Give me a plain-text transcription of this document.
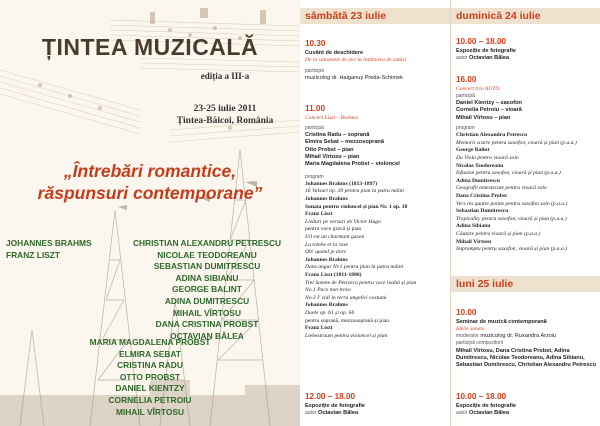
ȚINTEA MUZICALĂ
ediția a III-a
23-25 iulie 2011
Țintea-Băicoi, România
„Întrebări romantice,
răspunsuri contemporane”
JOHANNES BRAHMS
FRANZ LISZT
CHRISTIAN ALEXANDRU PETRESCU
NICOLAE TEODOREANU
SEBASTIAN DUMITRESCU
ADINA SIBIANU
GEORGE BALINT
ADINA DUMITRESCU
MIHAIL VÎRTOSU
DANA CRISTINA PROBST
OCTAVIAN BĂLEA
MARIA MAGDALENA PROBST
ELMIRA SEBAT
CRISTINA RADU
OTTO PROBST
DANIEL KIENTZY
CORNELIA PETROIU
MIHAIL VÎRTOSU
sâmbătă 23 iulie
10.30
Cuvânt de deschidere
De la saloanele de ieri la întâlnirea de astăzi
participă
muzicolog dr. Haiganuș Preda-Schimek
11.00
Concert Liszt – Brahms
participă
Cristina Radu – soprană
Elmira Sebat – mezzosoprană
Otto Probst – pian
Mihail Vîrtosu – pian
Maria Magdalena Probst – violoncel
program
Johannes Brahms (1813-1897)
16 Valsuri op. 39 pentru pian la patru mâini
Johannes Brahms
Sonata pentru violoncel și pian Nr. 1 op. 38
Franz Liszt
Lieduri pe versuri de Victor Hugo
pentru voce gravă și pian
S'il est un charmant gazon
La tombe et la rose
Oh! quand je dors
Johannes Brahms
Dans ungar Nr.1 pentru pian la patru mâini
Franz Liszt (1811-1886)
Trei Sonete de Petrarca pentru voce înaltă și pian
No.1 Pace non trovo
No.3 I' vidi in terra angelici costumi
Johannes Brahms
Duete op. 61 și op. 66
pentru soprană, mezzosoprană și pian
Franz Liszt
Liebestraum pentru violoncel și pian
12.00 – 18.00
Expoziție de fotografie
autor Octavian Bălea
duminică 24 iulie
10.00 – 18.00
Expoziție de fotografie
autor Octavian Bălea
16.00
Concert trio AUTO
participă
Daniel Kientzy – saxofon
Cornelia Petroiu – vioară
Mihail Vîrtosu – pian
program
Christian Alexandru Petrescu
Memorii scurte pentru saxofon, vioară și pian (p.a.a.)
George Balint
Da Viola pentru vioară solo
Nicolae Teodoreanu
Infusion pentru saxofon, vioară și pian (p.a.a.)
Adina Dumitrescu
Geografii amestecate pentru vioară solo
Dana Cristina Probst
Vers les quatre points pentru saxofon solo (p.a.a.)
Sebastian Dumitrescu
Tropicality pentru saxofon, vioară și pian (p.a.a.)
Adina Sibianu
Căutare pentru vioară și pian (p.a.a.)
Mihail Vîrtosu
Impromptu pentru saxofon, vioară și pian (p.a.a.)
luni 25 iulie
10.00
Seminar de muzică contemporană
Ideile sunete
moderator muzicolog dr. Ruxandra Arzoiu
participă compozitorii
Mihail Vîrtosu, Dana Cristina Probst, Adina Dumitrescu, Nicolae Teodoreanu, Adina Sibianu, Sebastian Dumitrescu, Christian Alexandru Petrescu
10.00 – 18.00
Expoziție de fotografie
autor Octavian Bălea
